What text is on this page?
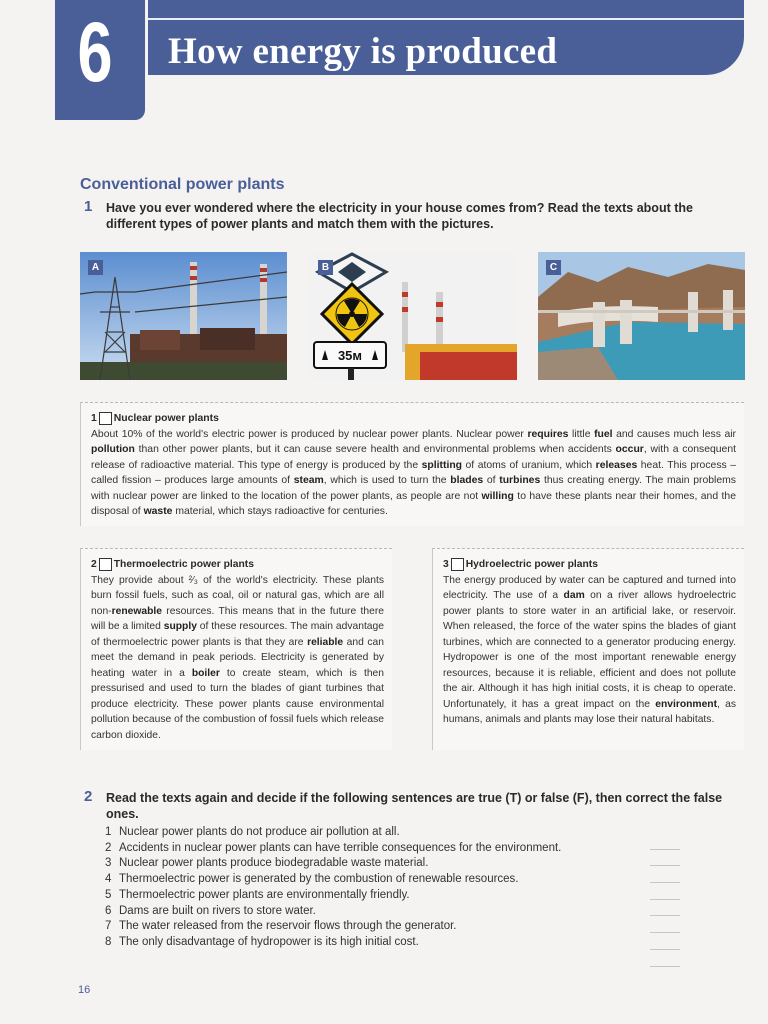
6	How energy is produced
Conventional power plants
1 Have you ever wondered where the electricity in your house comes from? Read the texts about the different types of power plants and match them with the pictures.
A
35м
B	C
1 Nuclear power plants
About 10% of the world's electric power is produced by nuclear power plants. Nuclear power requires little fuel and causes much less air pollution than other power plants, but it can cause severe health and environmental problems when accidents occur, with a consequent release of radioactive material. This type of energy is produced by the splitting of atoms of uranium, which releases heat. This process – called fission – produces large amounts of steam, which is used to turn the blades of turbines thus creating energy. The main problems with nuclear power are linked to the location of the power plants, as people are not willing to have these plants near their homes, and the disposal of waste material, which stays radioactive for centuries.
2 Thermoelectric power plants
They provide about ²⁄₃ of the world's electricity. These plants burn fossil fuels, such as coal, oil or natural gas, which are all non-renewable resources. This means that in the future there will be a limited supply of these resources. The main advantage of thermoelectric power plants is that they are reliable and can meet the demand in peak periods. Electricity is generated by heating water in a boiler to create steam, which is then pressurised and used to turn the blades of giant turbines that produce electricity. These power plants cause environmental pollution because of the combustion of fossil fuels which release carbon dioxide.
3 Hydroelectric power plants
The energy produced by water can be captured and turned into electricity. The use of a dam on a river allows hydroelectric power plants to store water in an artificial lake, or reservoir. When released, the force of the water spins the blades of giant turbines, which are connected to a generator producing energy. Hydropower is one of the most important renewable energy resources, because it is reliable, efficient and does not pollute the air. Although it has high initial costs, it is cheap to operate. Unfortunately, it has a great impact on the environment, as humans, animals and plants may lose their natural habitats.
2 Read the texts again and decide if the following sentences are true (T) or false (F), then correct the false ones.
1 Nuclear power plants do not produce air pollution at all.
2 Accidents in nuclear power plants can have terrible consequences for the environment.
3 Nuclear power plants produce biodegradable waste material.
4 Thermoelectric power is generated by the combustion of renewable resources.
5 Thermoelectric power plants are environmentally friendly.
6 Dams are built on rivers to store water.
7 The water released from the reservoir flows through the generator.
8 The only disadvantage of hydropower is its high initial cost.
16
